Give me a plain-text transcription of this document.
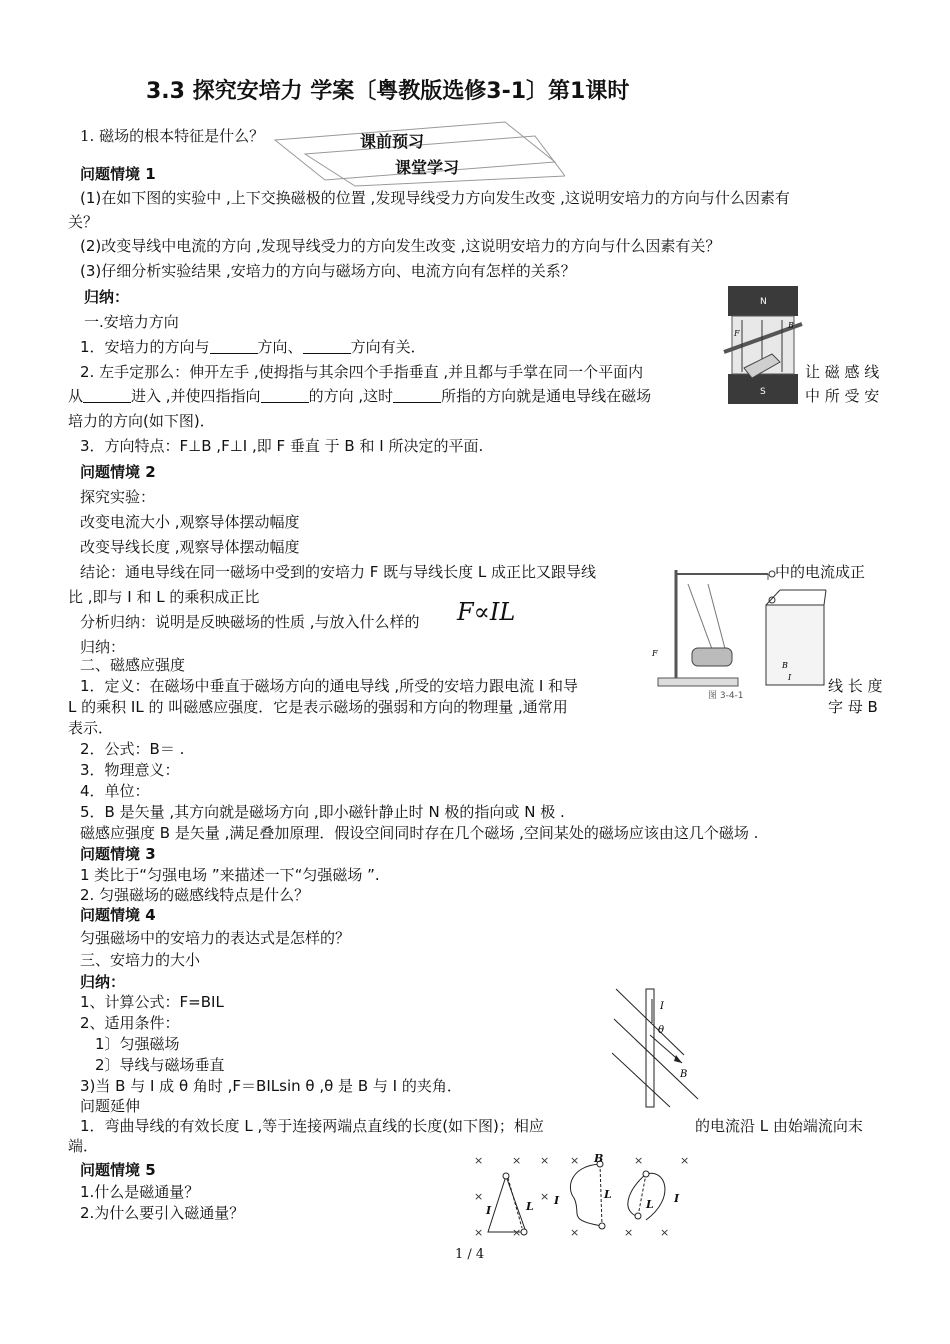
3.3 探究安培力 学案〔粤教版选修3-1〕第1课时
课前预习
课堂学习
1. 磁场的根本特征是什么？
问题情境 1
(1)在如下图的实验中 ,上下交换磁极的位置 ,发现导线受力方向发生改变 ,这说明安培力的方向与什么因素有
关？
(2)改变导线中电流的方向 ,发现导线受力的方向发生改变 ,这说明安培力的方向与什么因素有关？
(3)仔细分析实验结果 ,安培力的方向与磁场方向、电流方向有怎样的关系？
归纳：
一.安培力方向
1．安培力的方向与	方向、	方向有关．
2. 左手定那么：伸开左手 ,使拇指与其余四个手指垂直 ,并且都与手掌在同一个平面内	让 磁 感 线
从	进入 ,并使四指指向	的方向 ,这时	所指的方向就是通电导线在磁场	中 所 受 安
培力的方向(如下图)．
3．方向特点：F⊥B ,F⊥I ,即 F 垂直 于 B 和 I 所决定的平面.
N
S
F
B
问题情境 2
探究实验：
改变电流大小 ,观察导体摆动幅度
改变导线长度 ,观察导体摆动幅度
结论：通电导线在同一磁场中受到的安培力 F 既与导线长度 L 成正比又跟导线	中的电流成正
比 ,即与 I 和 L 的乘积成正比
分析归纳：说明是反映磁场的性质 ,与放入什么样的 F∝IL
F
B
I
图 3-4-1
归纳：
二、磁感应强度
1．定义：在磁场中垂直于磁场方向的通电导线 ,所受的安培力跟电流 I 和导	线 长 度
L 的乘积 IL 的 叫磁感应强度．它是表示磁场的强弱和方向的物理量 ,通常用	字 母 B
表示．
2．公式：B＝ .
3．物理意义：
4．单位：
5．B 是矢量 ,其方向就是磁场方向 ,即小磁针静止时 N 极的指向或 N 极 .
磁感应强度 B 是矢量 ,满足叠加原理．假设空间同时存在几个磁场 ,空间某处的磁场应该由这几个磁场 .
问题情境 3
1 类比于“匀强电场 ”来描述一下“匀强磁场 ”.
2. 匀强磁场的磁感线特点是什么？
问题情境 4
匀强磁场中的安培力的表达式是怎样的？
三、安培力的大小
归纳：
1、计算公式：F=BIL
2、适用条件：
1〕匀强磁场
2〕导线与磁场垂直
3)当 B 与 I 成 θ 角时 ,F＝BILsin θ ,θ 是 B 与 I 的夹角．
问题延伸
1．弯曲导线的有效长度 L ,等于连接两端点直线的长度(如下图)；相应	的电流沿 L 由始端流向末
端．
I
θ
B
问题情境 5
1.什么是磁通量？
2.为什么要引入磁通量？
×
×
×
×
×
×
×
×
×	×
×
×
×
I	L I
B
L
L I
1 / 4
